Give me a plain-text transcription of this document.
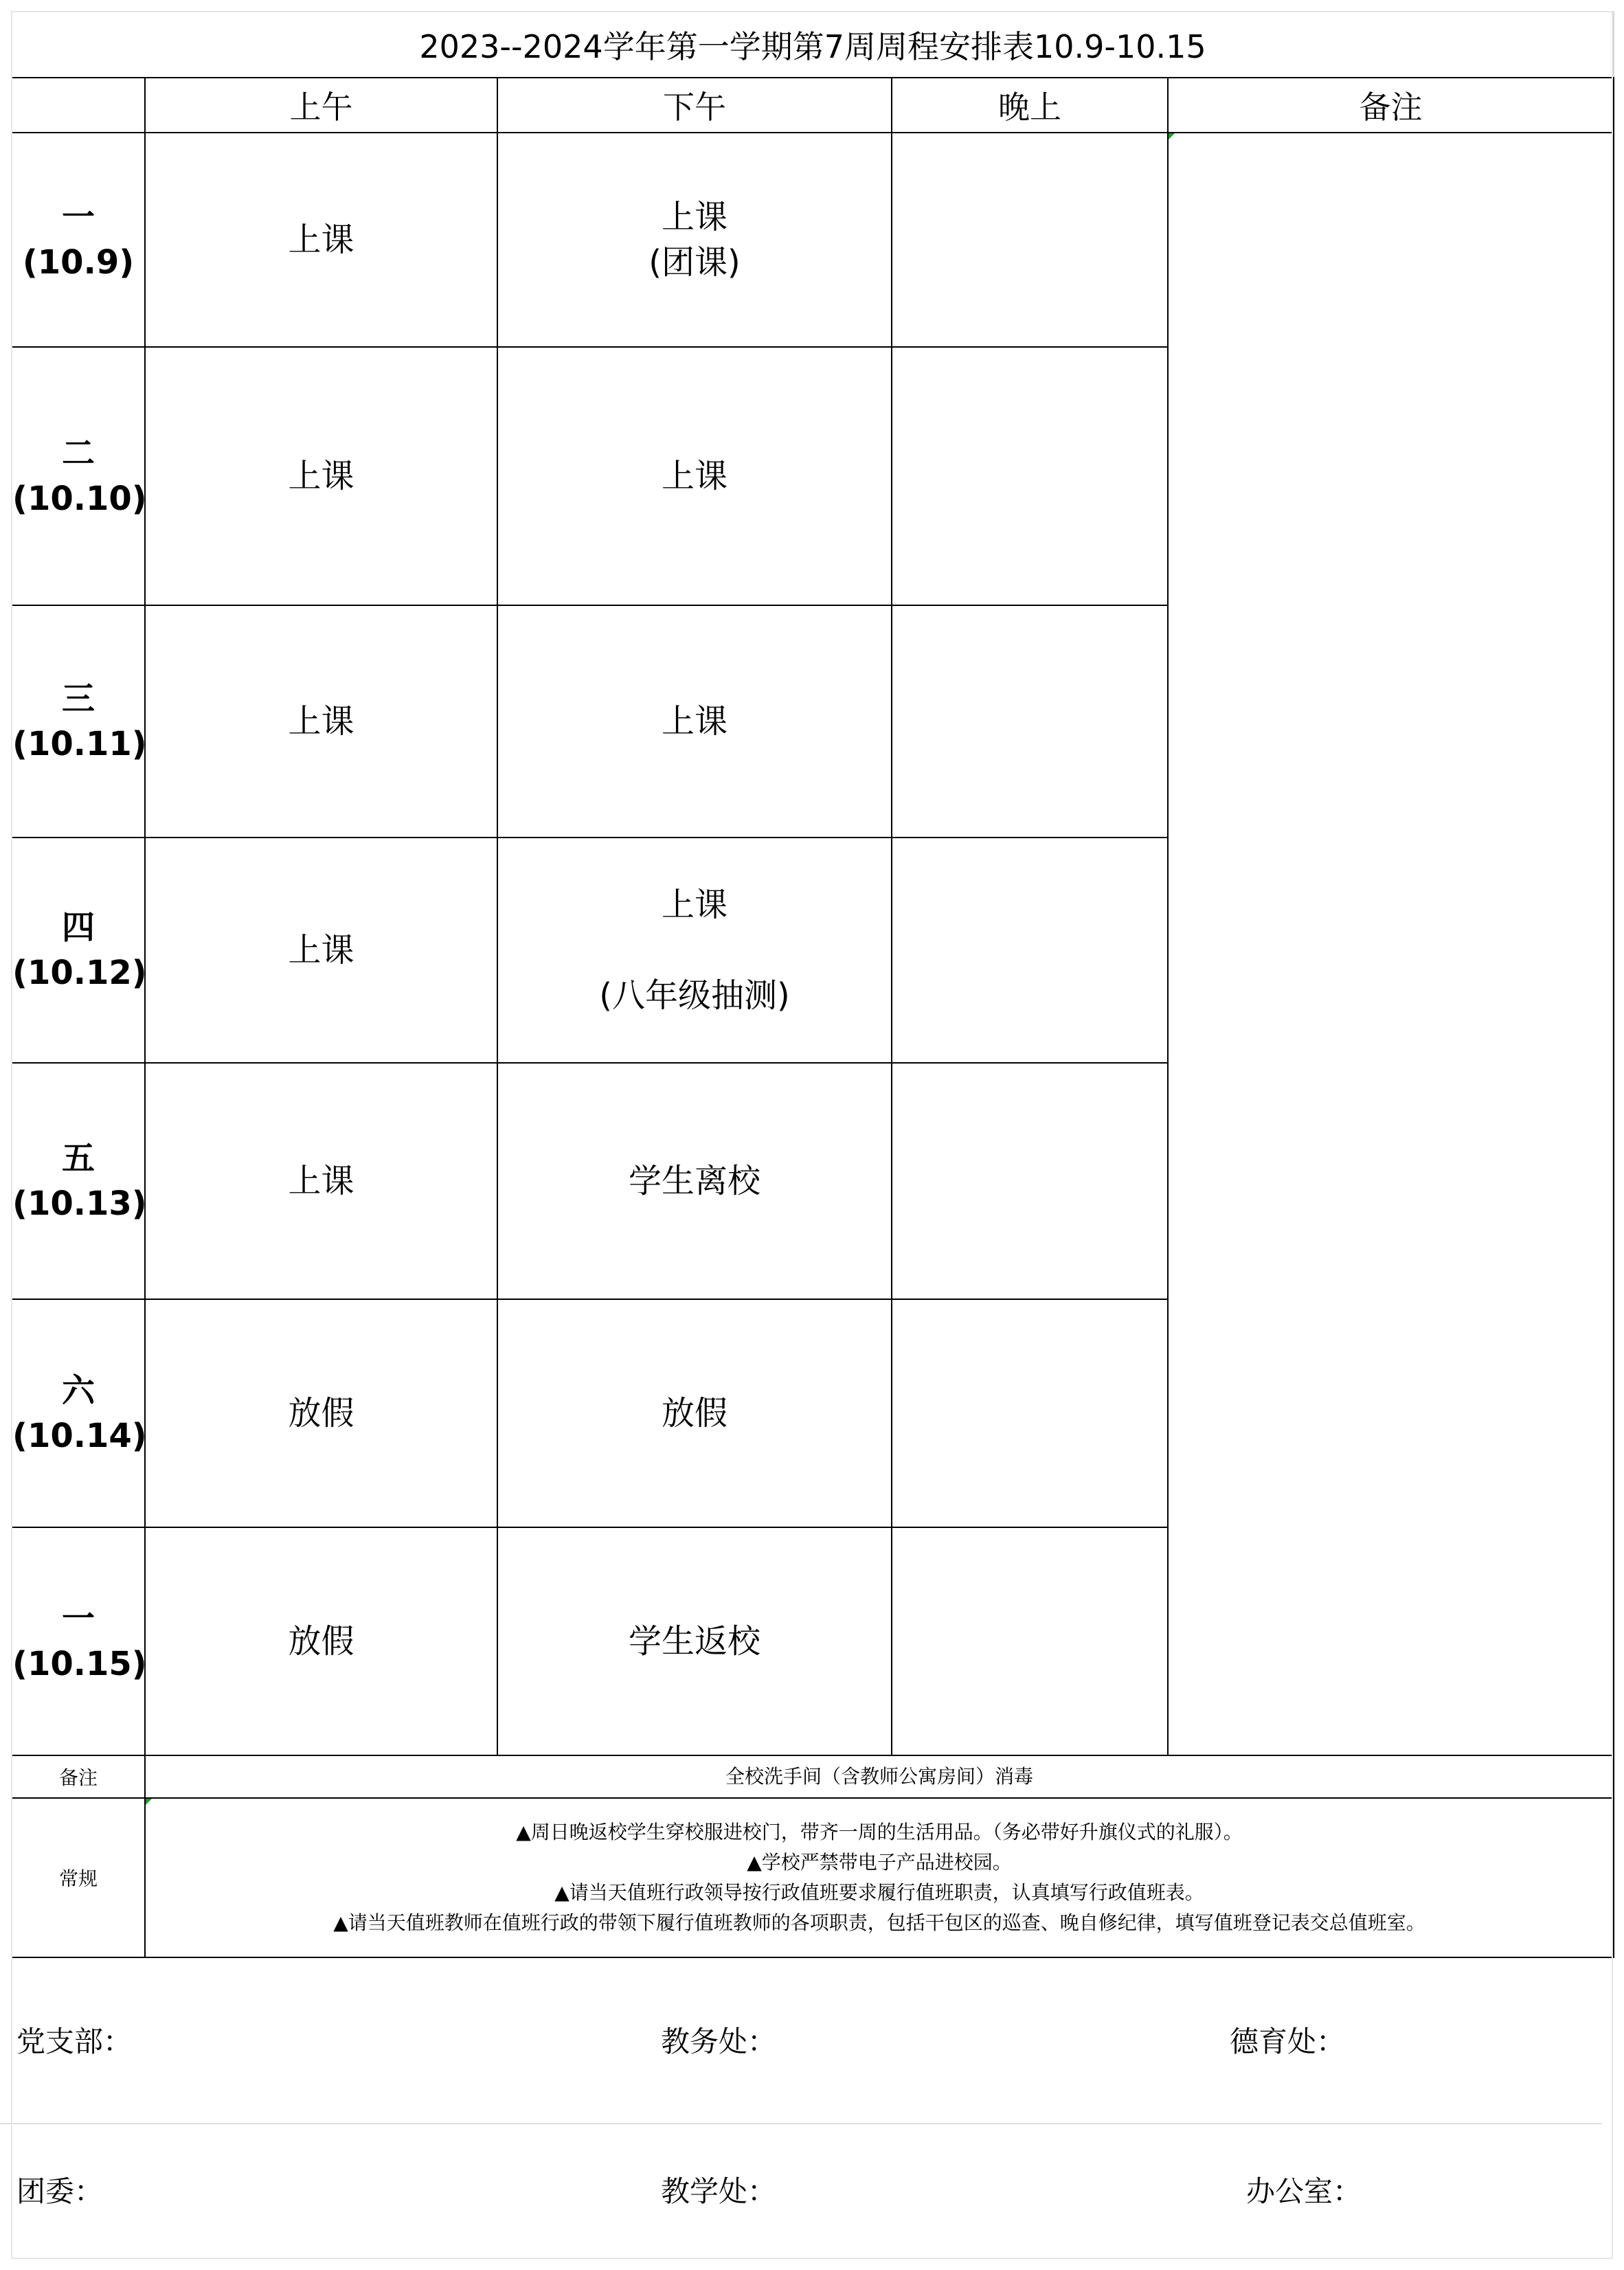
2023--2024学年第一学期第7周周程安排表10.9-10.15				
	上午	下午	晚上	备注

一
(10.9)	上课	上课
(团课)		

二
(10.10)	上课	上课		

三
(10.11)	上课	上课		

四
(10.12)	上课	上课
(八年级抽测)		

五
(10.13)	上课	学生离校		

六
(10.14)	放假	放假		

一
(10.15)	放假	学生返校		
备注	全校洗手间（含教师公寓房间）消毒			
常规	▲周日晚返校学生穿校服进校门，带齐一周的生活用品。（务必带好升旗仪式的礼服）。
▲学校严禁带电子产品进校园。
▲请当天值班行政领导按行政值班要求履行值班职责，认真填写行政值班表。
▲请当天值班教师在值班行政的带领下履行值班教师的各项职责，包括干包区的巡查、晚自修纪律，填写值班登记表交总值班室。			
党支部：	教务处：	德育处：
团委：	教学处：	办公室：
